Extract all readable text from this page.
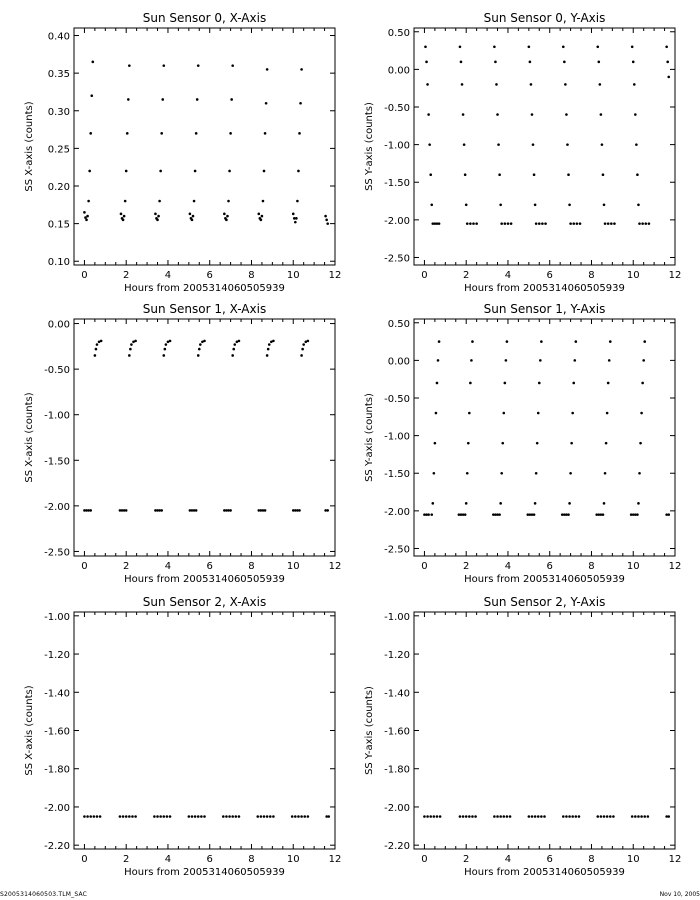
Sun Sensor 0, X-Axis
0	2	4	6	8	10	12
0.10
0.15
0.20
0.25
0.30
0.35
0.40
Hours from 2005314060505939
SS X-axis (counts)
Sun Sensor 0, Y-Axis
0	2	4	6	8	10	12
-2.50
-2.00
-1.50
-1.00
-0.50
0.00
0.50
Hours from 2005314060505939
SS Y-axis (counts)
Sun Sensor 1, X-Axis
0	2	4	6	8	10	12
-2.50
-2.00
-1.50
-1.00
-0.50
0.00
Hours from 2005314060505939
SS X-axis (counts)
Sun Sensor 1, Y-Axis
0	2	4	6	8	10	12
-2.50
-2.00
-1.50
-1.00
-0.50
0.00
0.50
Hours from 2005314060505939
SS Y-axis (counts)
Sun Sensor 2, X-Axis
0	2	4	6	8	10	12
-2.20
-2.00
-1.80
-1.60
-1.40
-1.20
-1.00
Hours from 2005314060505939
SS X-axis (counts)
Sun Sensor 2, Y-Axis
0	2	4	6	8	10	12
-2.20
-2.00
-1.80
-1.60
-1.40
-1.20
-1.00
Hours from 2005314060505939
SS Y-axis (counts)
S2005314060503.TLM_SAC	Nov 10, 2005
